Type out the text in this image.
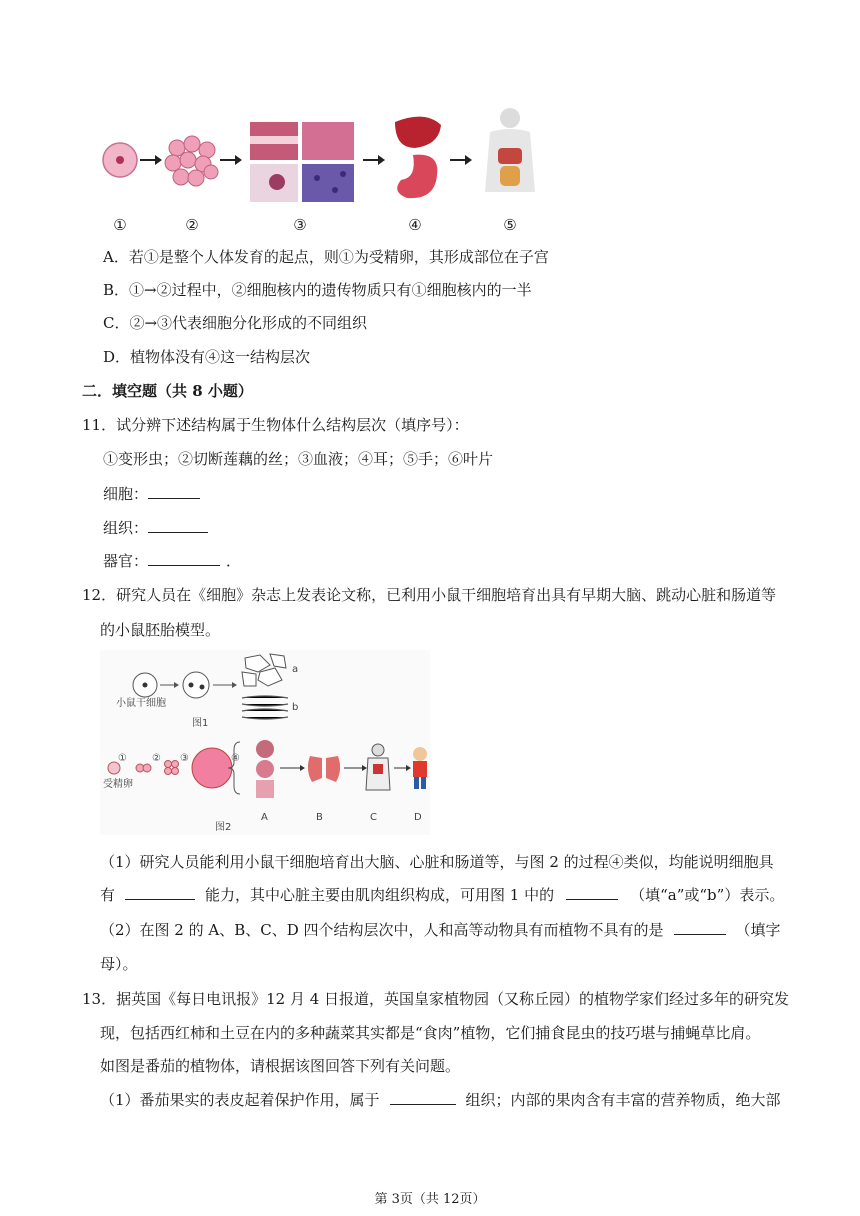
①	②	③	④	⑤
A．若①是整个人体发育的起点，则①为受精卵，其形成部位在子宫
B．①→②过程中，②细胞核内的遗传物质只有①细胞核内的一半
C．②→③代表细胞分化形成的不同组织
D．植物体没有④这一结构层次
二．填空题（共 8 小题）
11．试分辨下述结构属于生物体什么结构层次（填序号）：
①变形虫；②切断莲藕的丝；③血液；④耳；⑤手；⑥叶片
细胞：
组织：
器官：	．
12．研究人员在《细胞》杂志上发表论文称，已利用小鼠干细胞培育出具有早期大脑、跳动心脏和肠道等
的小鼠胚胎模型。
小鼠干细胞
图1
a
b
受精卵
①	② ③	④
图2
A	B	C	D
（1）研究人员能利用小鼠干细胞培育出大脑、心脏和肠道等，与图 2 的过程④类似，均能说明细胞具
有	能力，其中心脏主要由肌肉组织构成，可用图 1 中的	（填“a”或“b”）表示。
（2）在图 2 的 A、B、C、D 四个结构层次中，人和高等动物具有而植物不具有的是	（填字
母）。
13．据英国《每日电讯报》12 月 4 日报道，英国皇家植物园（又称丘园）的植物学家们经过多年的研究发
现，包括西红柿和土豆在内的多种蔬菜其实都是“食肉”植物，它们捕食昆虫的技巧堪与捕蝇草比肩。
如图是番茄的植物体，请根据该图回答下列有关问题。
（1）番茄果实的表皮起着保护作用，属于	组织；内部的果肉含有丰富的营养物质，绝大部
第 3页（共 12页）
